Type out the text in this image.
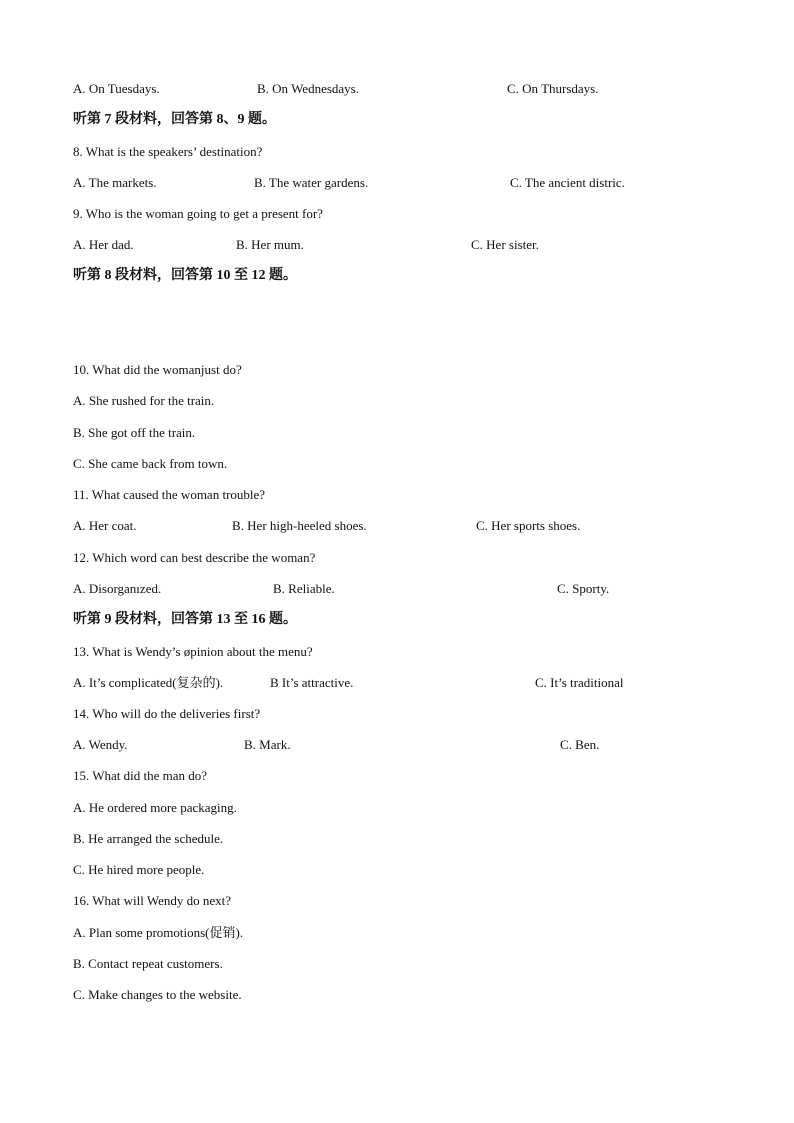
A. On Tuesdays.	B. On Wednesdays.	C. On Thursdays.
听第 7 段材料，回答第 8、9 题。
8. What is the speakers’ destination?
A. The markets.	B. The water gardens.	C. The ancient distric.
9. Who is the woman going to get a present for?
A. Her dad.	B. Her mum.	C. Her sister.
听第 8 段材料，回答第 10 至 12 题。
10. What did the womanjust do?
A. She rushed for the train.
B. She got off the train.
C. She came back from town.
11. What caused the woman trouble?
A. Her coat.	B. Her high-heeled shoes.	C. Her sports shoes.
12. Which word can best describe the woman?
A. Disorganızed.	B. Reliable.	C. Sporty.
听第 9 段材料，回答第 13 至 16 题。
13. What is Wendy’s øpinion about the menu?
A. It’s complicated(复杂的).	B It’s attractive.	C. It’s traditional
14. Who will do the deliveries first?
A. Wendy.	B. Mark.	C. Ben.
15. What did the man do?
A. He ordered more packaging.
B. He arranged the schedule.
C. He hired more people.
16. What will Wendy do next?
A. Plan some promotions(促销).
B. Contact repeat customers.
C. Make changes to the website.
